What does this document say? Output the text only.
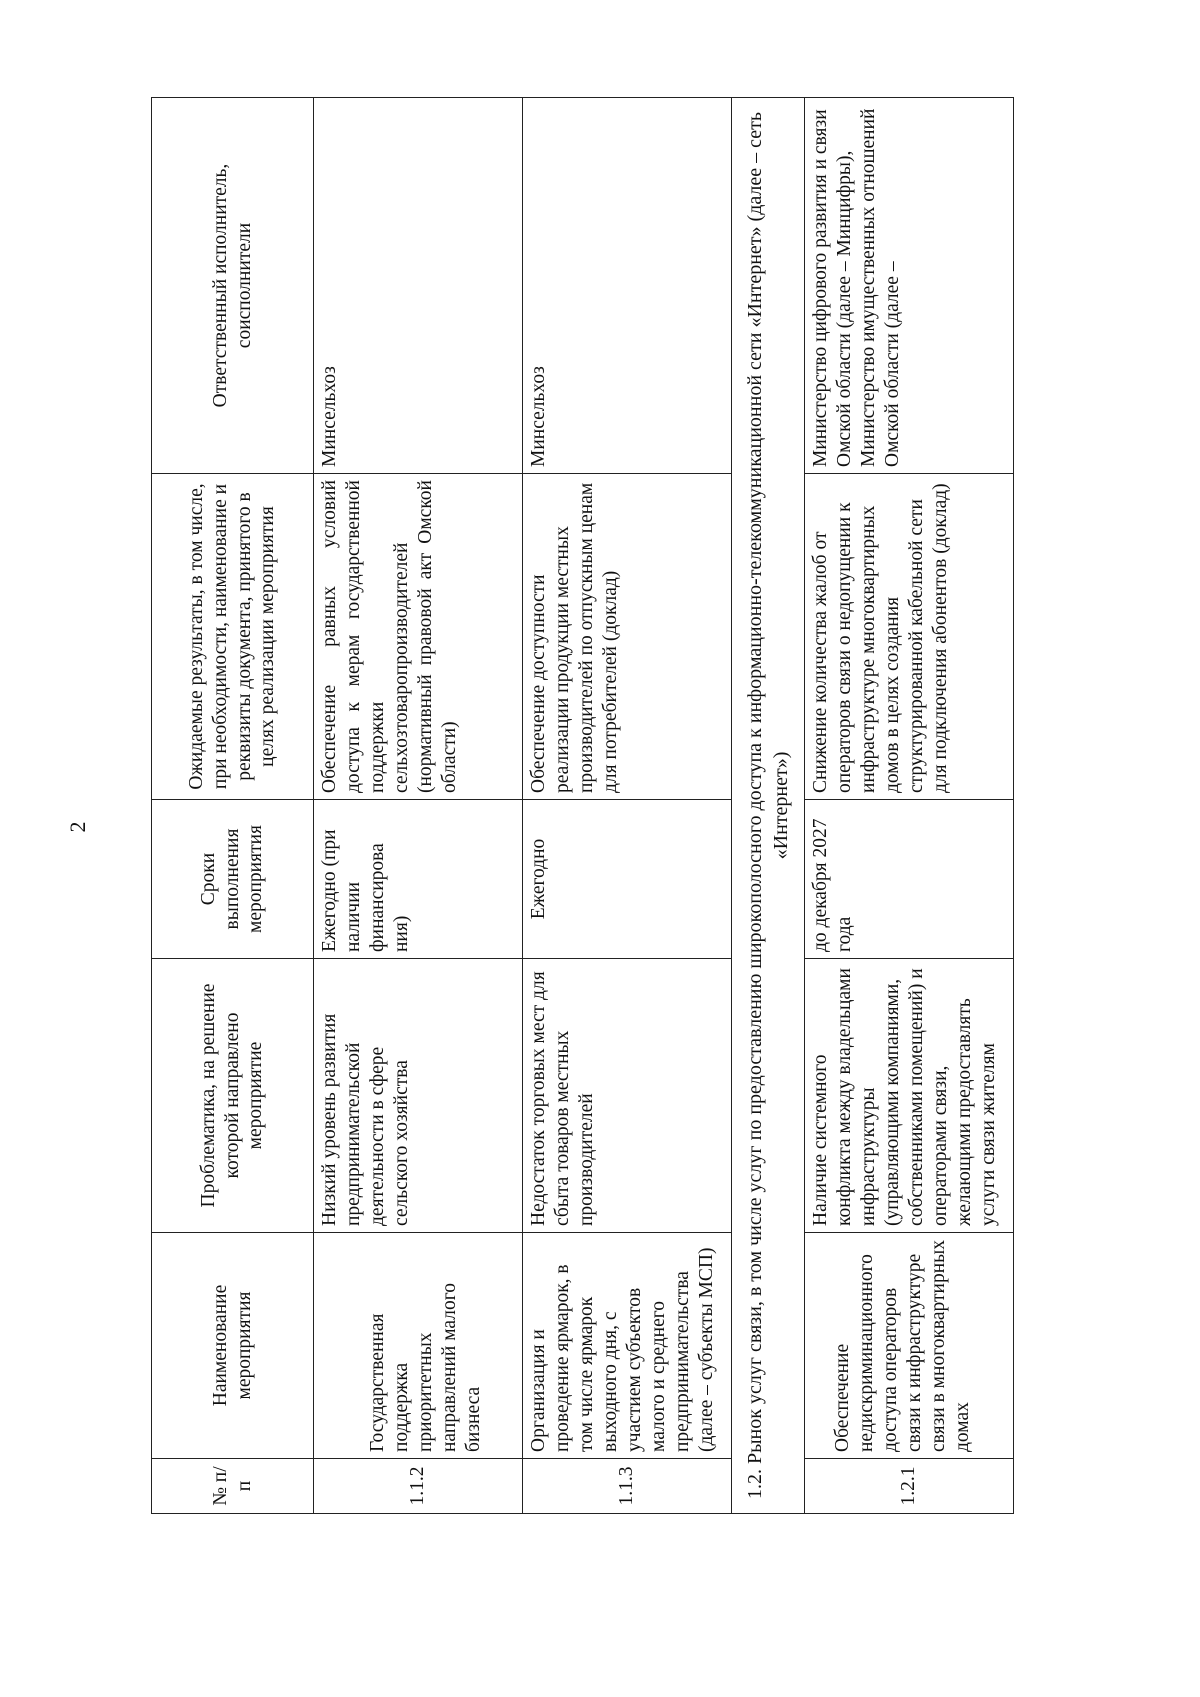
2
№ п/п	Наименование мероприятия	Проблематика, на решение которой направлено мероприятие	Сроки выполнения мероприятия	Ожидаемые результаты, в том числе, при необходимости, наименование и реквизиты документа, принятого в целях реализации мероприятия	Ответственный исполнитель, соисполнители
1.1.2	Государственная поддержка приоритетных направлений малого бизнеса	Низкий уровень развития предпринимательской деятельности в сфере сельского хозяйства	Ежегодно (при наличии финансирова ния)	Обеспечение равных условий доступа к мерам государственной поддержки сельхозтоваропроизводителей (нормативный правовой акт Омской области)	Минсельхоз
1.1.3	Организация и проведение ярмарок, в том числе ярмарок выходного дня, с участием субъектов малого и среднего предпринимательства (далее – субъекты МСП)	Недостаток торговых мест для сбыта товаров местных производителей	Ежегодно	Обеспечение доступности реализации продукции местных производителей по отпускным ценам для потребителей (доклад)	Минсельхоз
1.2. Рынок услуг связи, в том числе услуг по предоставлению широкополосного доступа к информационно-телекоммуникационной сети «Интернет» (далее – сеть «Интернет»)					
1.2.1	Обеспечение недискриминационного доступа операторов связи к инфраструктуре связи в многоквартирных домах	Наличие системного конфликта между владельцами инфраструктуры (управляющими компаниями, собственниками помещений) и операторами связи, желающими предоставлять услуги связи жителям	до декабря 2027 года	Снижение количества жалоб от операторов связи о недопущении к инфраструктуре многоквартирных домов в целях создания структурированной кабельной сети для подключения абонентов (доклад)	Министерство цифрового развития и связи Омской области (далее – Минцифры), Министерство имущественных отношений Омской области (далее –
